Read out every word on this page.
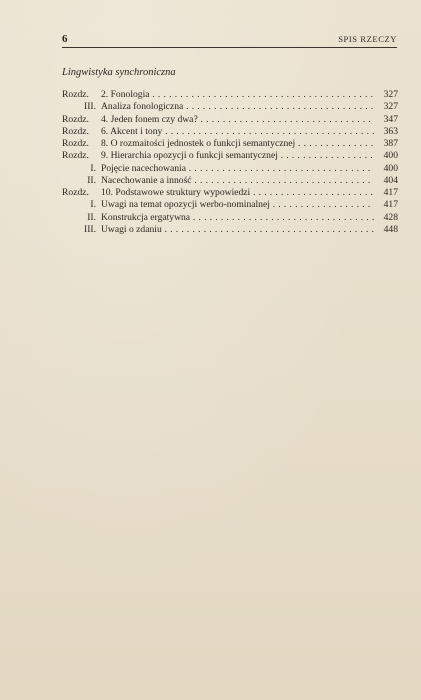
6	SPIS RZECZY
Lingwistyka synchroniczna
Rozdz. 2. Fonologia . . .	327
III. Analiza fonologiczna . . .	327
Rozdz. 4. Jeden fonem czy dwa? . . .	347
Rozdz. 6. Akcent i tony . . .	363
Rozdz. 8. O rozmaitości jednostek o funkcji semantycznej . . .	387
Rozdz. 9. Hierarchia opozycji o funkcji semantycznej . . .	400
I. Pojęcie nacechowania . . .	400
II. Nacechowanie a inność . . .	404
Rozdz. 10. Podstawowe struktury wypowiedzi . . .	417
I. Uwagi na temat opozycji werbo-nominalnej . . .	417
II. Konstrukcja ergatywna . . .	428
III. Uwagi o zdaniu . . .	448
